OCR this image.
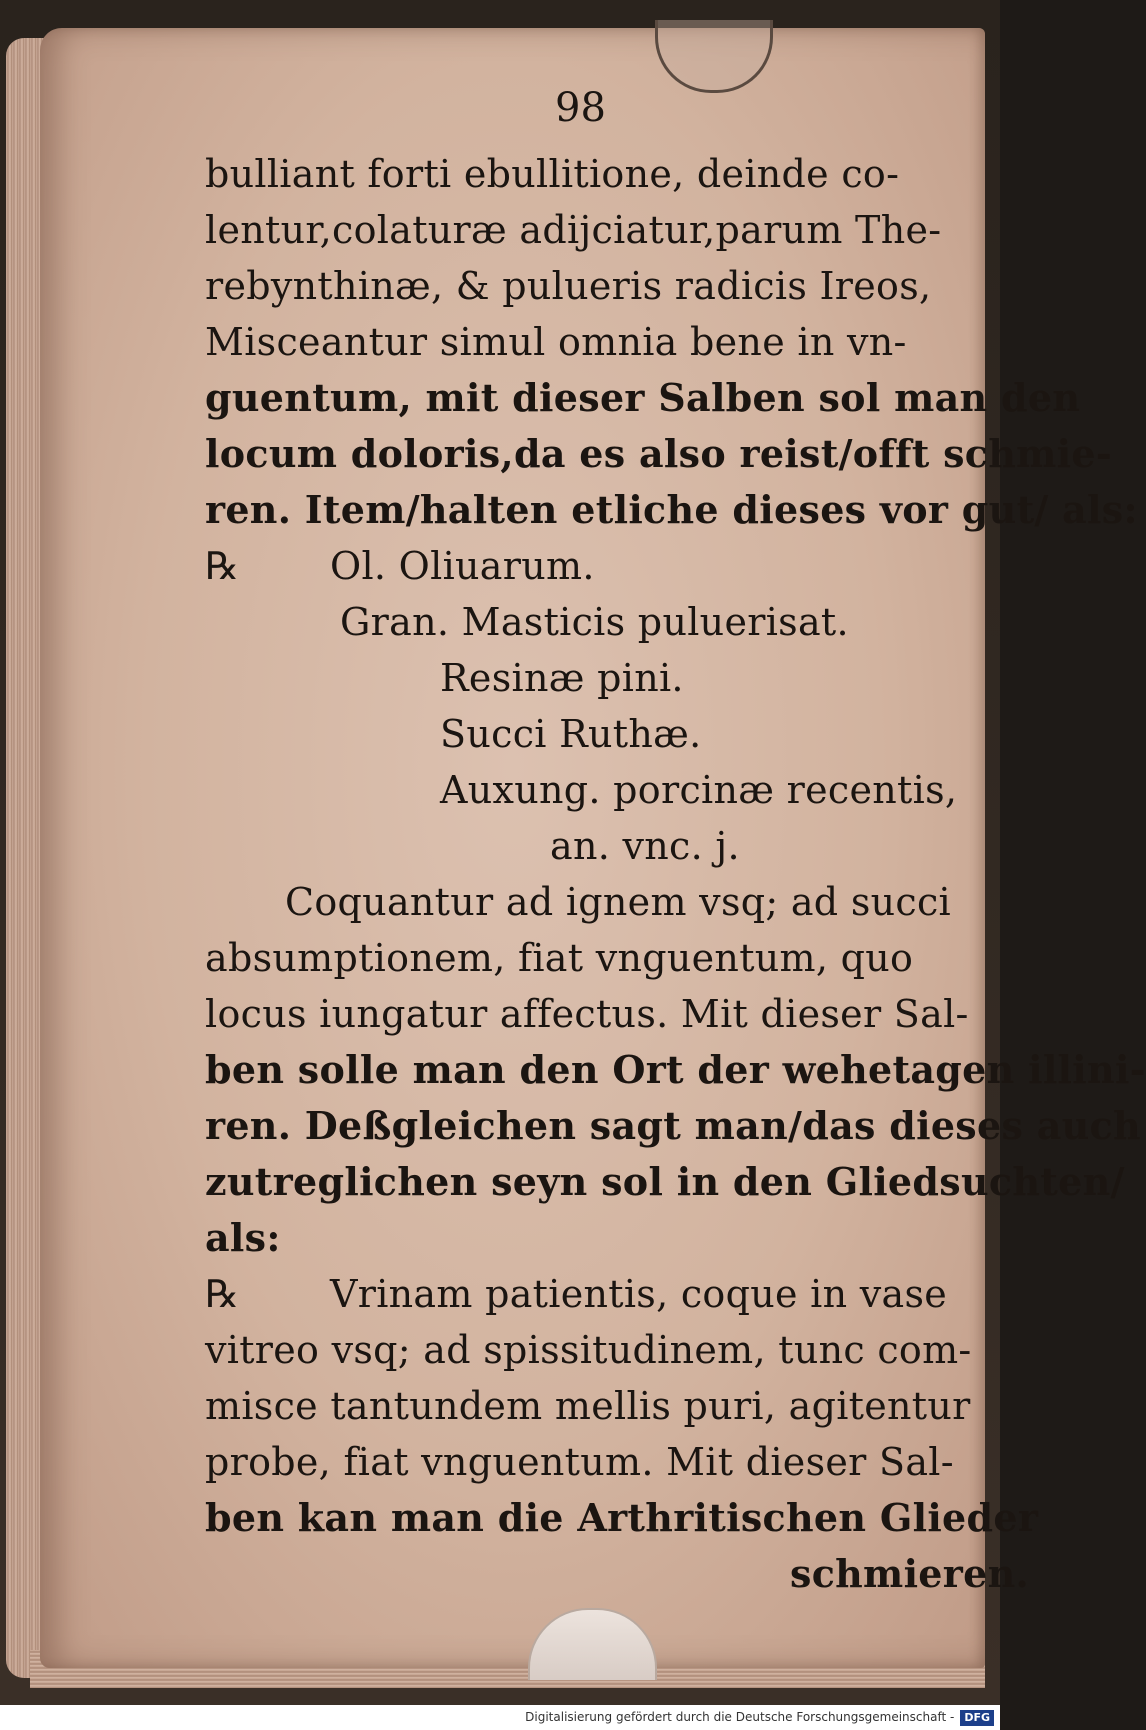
98
bulliant forti ebullitione, deinde co-
lentur,colaturæ adijciatur,parum The-
rebynthinæ, & pulueris radicis Ireos,
Misceantur simul omnia bene in vn-
guentum, mit dieser Salben sol man den
locum doloris,da es also reist/offt schmie-
ren. Item/halten etliche dieses vor gut/ als:
℞ Ol. Oliuarum.
Gran. Masticis puluerisat.
Resinæ pini.
Succi Ruthæ.
Auxung. porcinæ recentis,
an. vnc. j.
Coquantur ad ignem vsq; ad succi
absumptionem, fiat vnguentum, quo
locus iungatur affectus. Mit dieser Sal-
ben solle man den Ort der wehetagen illini-
ren. Deßgleichen sagt man/das dieses auch
zutreglichen seyn sol in den Gliedsuchten/
als:
℞ Vrinam patientis, coque in vase
vitreo vsq; ad spissitudinem, tunc com-
misce tantundem mellis puri, agitentur
probe, fiat vnguentum. Mit dieser Sal-
ben kan man die Arthritischen Glieder
schmieren.
Digitalisierung gefördert durch die Deutsche Forschungsgemeinschaft - DFG
